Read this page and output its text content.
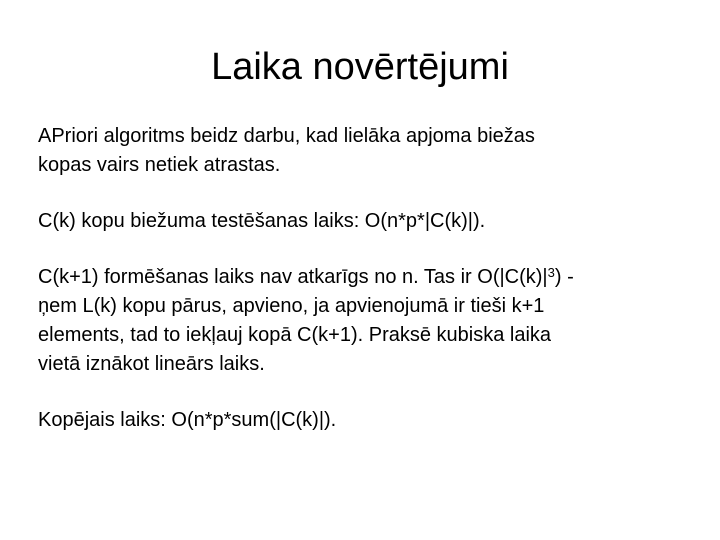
Laika novērtējumi

APriori algoritms beidz darbu, kad lielāka apjoma biežas
kopas vairs netiek atrastas.

C(k) kopu biežuma testēšanas laiks: O(n*p*|C(k)|).

C(k+1) formēšanas laiks nav atkarīgs no n. Tas ir $O(|C(k)|^3)$ -
ņem L(k) kopu pārus, apvieno, ja apvienojumā ir tieši k+1
elements, tad to iekļauj kopā C(k+1). Praksē kubiska laika
vietā iznākot lineārs laiks.

Kopējais laiks: O(n*p*sum(|C(k)|).
